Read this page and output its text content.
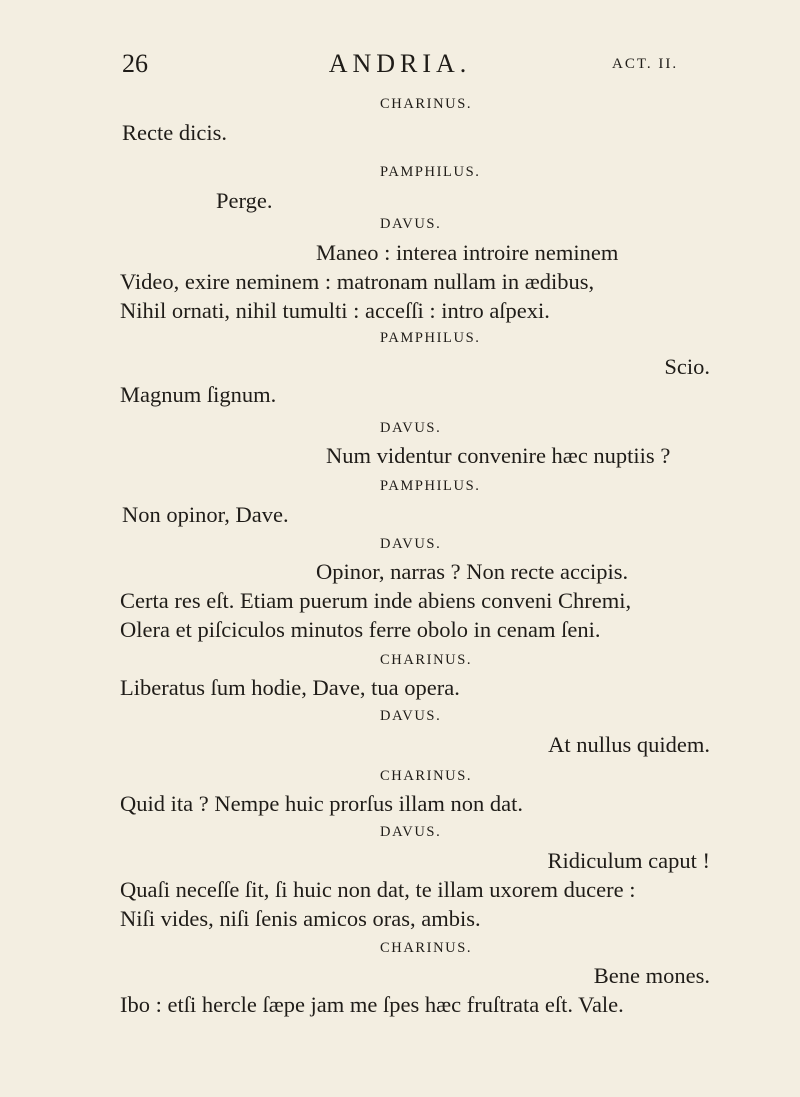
26	ANDRIA.	ACT. II.
CHARINUS.
Recte dicis.
PAMPHILUS.
Perge.
DAVUS.
Maneo : interea introire neminem
Video, exire neminem : matronam nullam in ædibus,
Nihil ornati, nihil tumulti : acceſſi : intro aſpexi.
PAMPHILUS.
Scio.
Magnum ſignum.
DAVUS.
Num videntur convenire hæc nuptiis ?
PAMPHILUS.
Non opinor, Dave.
DAVUS.
Opinor, narras ? Non recte accipis.
Certa res eſt. Etiam puerum inde abiens conveni Chremi,
Olera et piſciculos minutos ferre obolo in cenam ſeni.
CHARINUS.
Liberatus ſum hodie, Dave, tua opera.
DAVUS.
At nullus quidem.
CHARINUS.
Quid ita ? Nempe huic prorſus illam non dat.
DAVUS.
Ridiculum caput !
Quaſi neceſſe ſit, ſi huic non dat, te illam uxorem ducere :
Niſi vides, niſi ſenis amicos oras, ambis.
CHARINUS.
Bene mones.
Ibo : etſi hercle ſæpe jam me ſpes hæc fruſtrata eſt. Vale.
